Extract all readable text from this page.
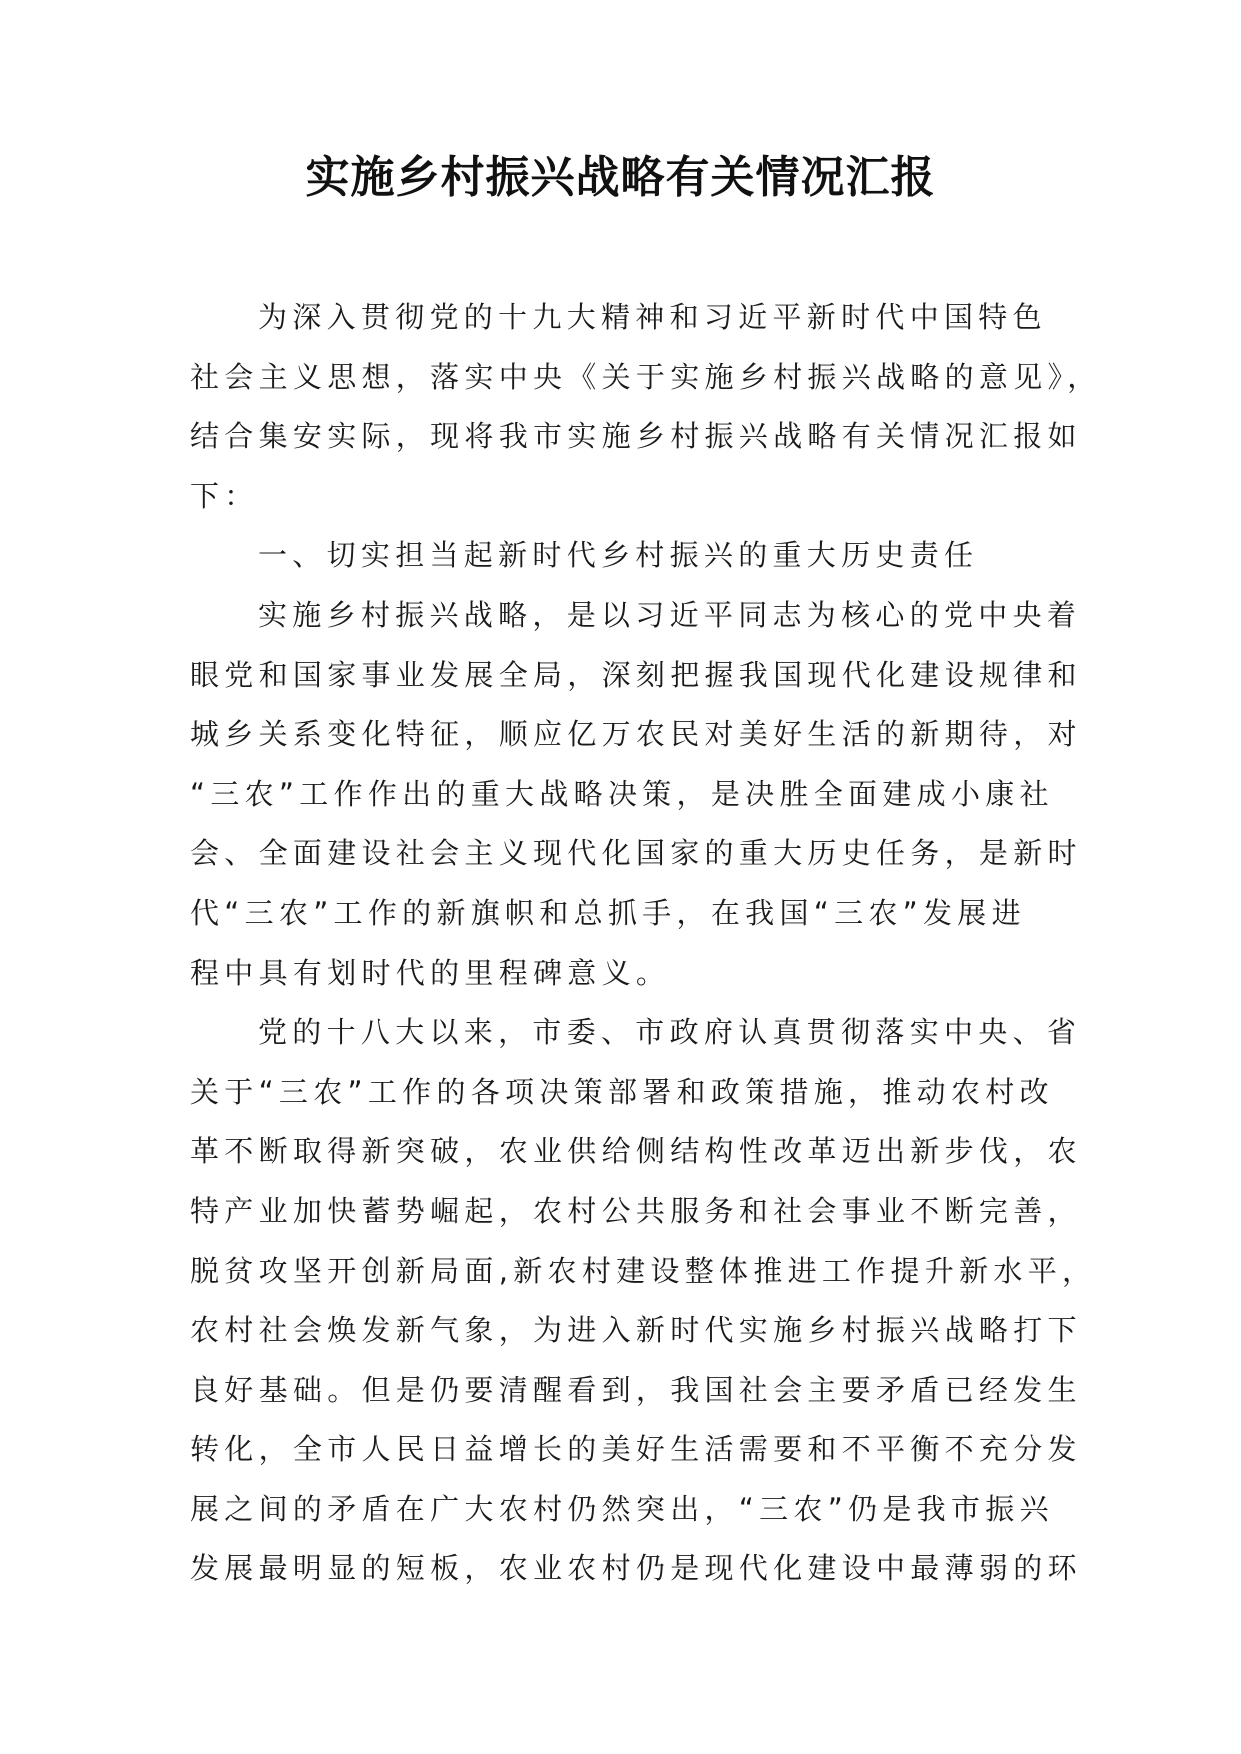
实施乡村振兴战略有关情况汇报
为深入贯彻党的十九大精神和习近平新时代中国特色
社会主义思想，落实中央《关于实施乡村振兴战略的意见》，
结合集安实际，现将我市实施乡村振兴战略有关情况汇报如
下：
一、切实担当起新时代乡村振兴的重大历史责任
实施乡村振兴战略，是以习近平同志为核心的党中央着
眼党和国家事业发展全局，深刻把握我国现代化建设规律和
城乡关系变化特征，顺应亿万农民对美好生活的新期待，对
“三农”工作作出的重大战略决策，是决胜全面建成小康社
会、全面建设社会主义现代化国家的重大历史任务，是新时
代“三农”工作的新旗帜和总抓手，在我国“三农”发展进
程中具有划时代的里程碑意义。
党的十八大以来，市委、市政府认真贯彻落实中央、省
关于“三农”工作的各项决策部署和政策措施，推动农村改
革不断取得新突破，农业供给侧结构性改革迈出新步伐，农
特产业加快蓄势崛起，农村公共服务和社会事业不断完善，
脱贫攻坚开创新局面,新农村建设整体推进工作提升新水平，
农村社会焕发新气象，为进入新时代实施乡村振兴战略打下
良好基础。但是仍要清醒看到，我国社会主要矛盾已经发生
转化，全市人民日益增长的美好生活需要和不平衡不充分发
展之间的矛盾在广大农村仍然突出，“三农”仍是我市振兴
发展最明显的短板，农业农村仍是现代化建设中最薄弱的环
